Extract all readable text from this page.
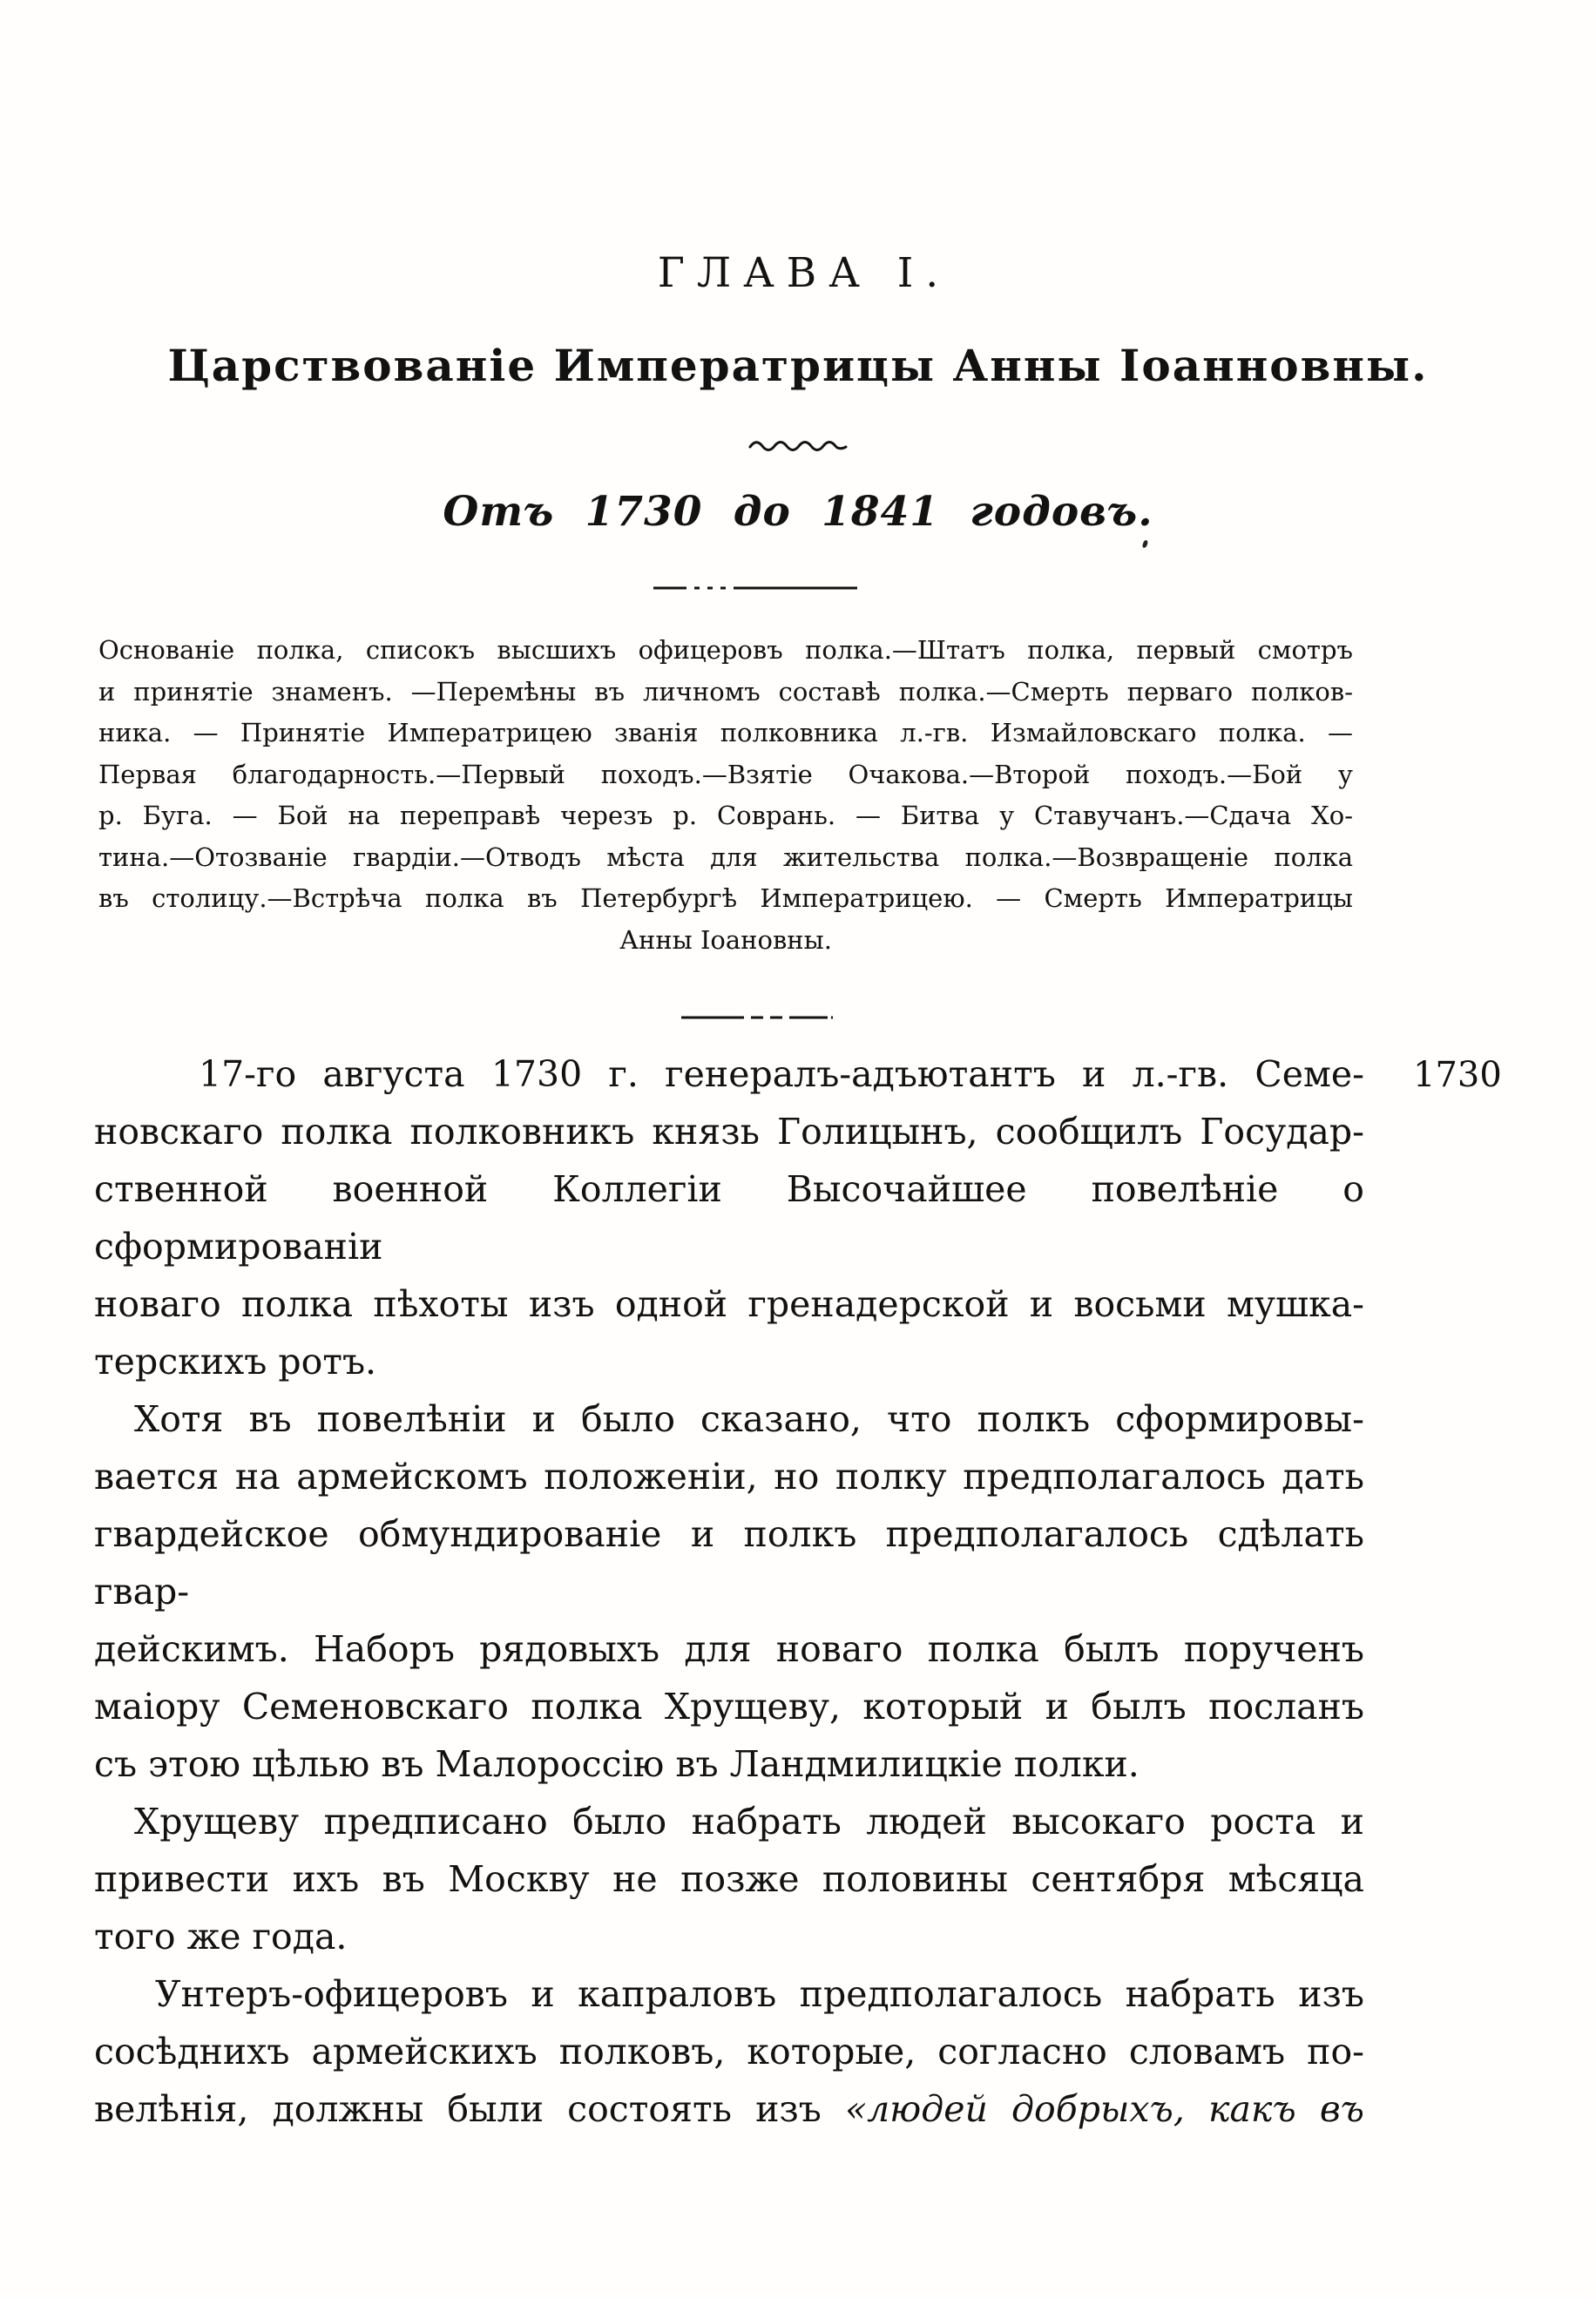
ГЛАВА I.
Царствованіе Императрицы Анны Іоанновны.
Отъ 1730 до 1841 годовъ.
Основаніе полка, списокъ высшихъ офицеровъ полка.—Штатъ полка, первый смотръ
и принятіе знаменъ. —Перемѣны въ личномъ составѣ полка.—Смерть перваго полков-
ника. — Принятіе Императрицею званія полковника л.-гв. Измайловскаго полка. —
Первая благодарность.—Первый походъ.—Взятіе Очакова.—Второй походъ.—Бой у
р. Буга. — Бой на переправѣ черезъ р. Соврань. — Битва у Ставучанъ.—Сдача Хо-
тина.—Отозваніе гвардіи.—Отводъ мѣста для жительства полка.—Возвращеніе полка
въ столицу.—Встрѣча полка въ Петербургѣ Императрицею. — Смерть Императрицы
Анны Іоановны.
17-го августа 1730 г. генералъ-адъютантъ и л.-гв. Семе-
новскаго полка полковникъ князь Голицынъ, сообщилъ Государ-
ственной военной Коллегіи Высочайшее повелѣніе о сформированіи
новаго полка пѣхоты изъ одной гренадерской и восьми мушка-
терскихъ ротъ.
Хотя въ повелѣніи и было сказано, что полкъ сформировы-
вается на армейскомъ положеніи, но полку предполагалось дать
гвардейское обмундированіе и полкъ предполагалось сдѣлать гвар-
дейскимъ. Наборъ рядовыхъ для новаго полка былъ порученъ
маіору Семеновскаго полка Хрущеву, который и былъ посланъ
съ этою цѣлью въ Малороссію въ Ландмилицкіе полки.
Хрущеву предписано было набрать людей высокаго роста и
привести ихъ въ Москву не позже половины сентября мѣсяца
того же года.
Унтеръ-офицеровъ и капраловъ предполагалось набрать изъ
сосѣднихъ армейскихъ полковъ, которые, согласно словамъ по-
велѣнія, должны были состоять изъ «людей добрыхъ, какъ въ
1730
